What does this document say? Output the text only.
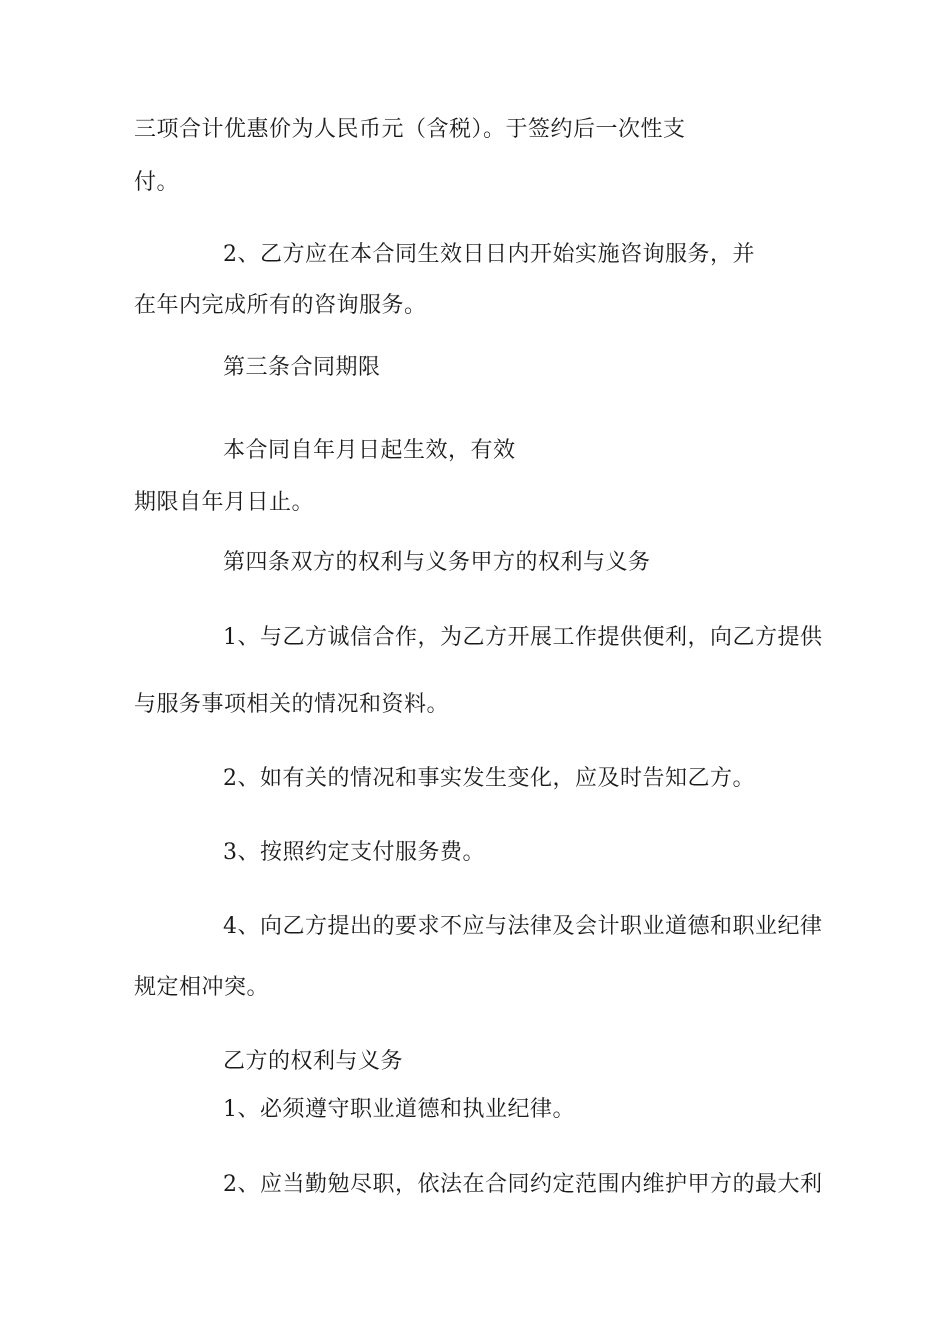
三项合计优惠价为人民币元（含税）。于签约后一次性支
付。
2、乙方应在本合同生效日日内开始实施咨询服务，并
在年内完成所有的咨询服务。
第三条合同期限
本合同自年月日起生效，有效
期限自年月日止。
第四条双方的权利与义务甲方的权利与义务
1、与乙方诚信合作，为乙方开展工作提供便利，向乙方提供
与服务事项相关的情况和资料。
2、如有关的情况和事实发生变化，应及时告知乙方。
3、按照约定支付服务费。
4、向乙方提出的要求不应与法律及会计职业道德和职业纪律
规定相冲突。
乙方的权利与义务
1、必须遵守职业道德和执业纪律。
2、应当勤勉尽职，依法在合同约定范围内维护甲方的最大利
